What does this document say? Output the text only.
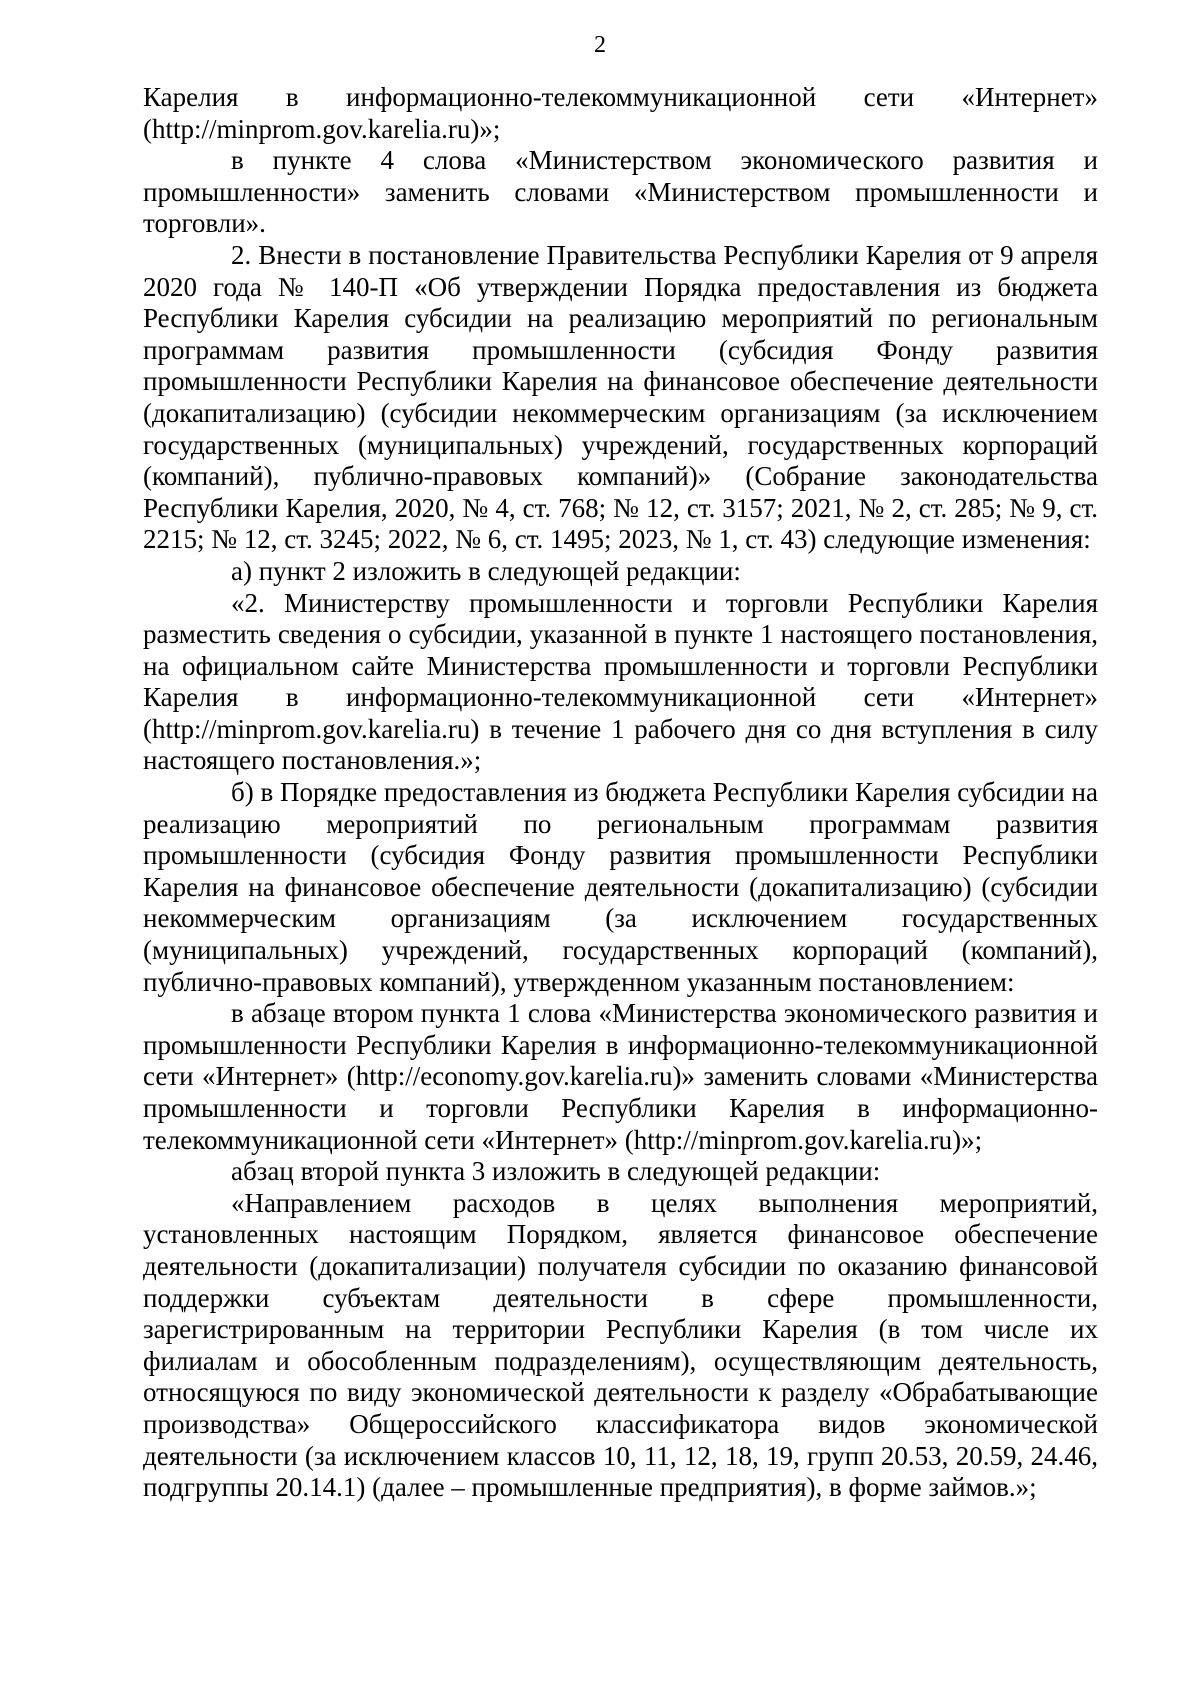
2

Карелия в информационно-телекоммуникационной сети «Интернет» (http://minprom.gov.karelia.ru)»;

в пункте 4 слова «Министерством экономического развития и промышленности» заменить словами «Министерством промышленности и торговли».

2. Внести в постановление Правительства Республики Карелия от 9 апреля 2020 года № 140-П «Об утверждении Порядка предоставления из бюджета Республики Карелия субсидии на реализацию мероприятий по региональным программам развития промышленности (субсидия Фонду развития промышленности Республики Карелия на финансовое обеспечение деятельности (докапитализацию) (субсидии некоммерческим организациям (за исключением государственных (муниципальных) учреждений, государственных корпораций (компаний), публично-правовых компаний)» (Собрание законодательства Республики Карелия, 2020, № 4, ст. 768; № 12, ст. 3157; 2021, № 2, ст. 285; № 9, ст. 2215; № 12, ст. 3245; 2022, № 6, ст. 1495; 2023, № 1, ст. 43) следующие изменения:

а) пункт 2 изложить в следующей редакции:

«2. Министерству промышленности и торговли Республики Карелия разместить сведения о субсидии, указанной в пункте 1 настоящего постановления, на официальном сайте Министерства промышленности и торговли Республики Карелия в информационно-телекоммуникационной сети «Интернет» (http://minprom.gov.karelia.ru) в течение 1 рабочего дня со дня вступления в силу настоящего постановления.»;

б) в Порядке предоставления из бюджета Республики Карелия субсидии на реализацию мероприятий по региональным программам развития промышленности (субсидия Фонду развития промышленности Республики Карелия на финансовое обеспечение деятельности (докапитализацию) (субсидии некоммерческим организациям (за исключением государственных (муниципальных) учреждений, государственных корпораций (компаний), публично-правовых компаний), утвержденном указанным постановлением:

в абзаце втором пункта 1 слова «Министерства экономического развития и промышленности Республики Карелия в информационно-телекоммуникационной сети «Интернет» (http://economy.gov.karelia.ru)» заменить словами «Министерства промышленности и торговли Республики Карелия в информационно-телекоммуникационной сети «Интернет» (http://minprom.gov.karelia.ru)»;

абзац второй пункта 3 изложить в следующей редакции:

«Направлением расходов в целях выполнения мероприятий, установленных настоящим Порядком, является финансовое обеспечение деятельности (докапитализации) получателя субсидии по оказанию финансовой поддержки субъектам деятельности в сфере промышленности, зарегистрированным на территории Республики Карелия (в том числе их филиалам и обособленным подразделениям), осуществляющим деятельность, относящуюся по виду экономической деятельности к разделу «Обрабатывающие производства» Общероссийского классификатора видов экономической деятельности (за исключением классов 10, 11, 12, 18, 19, групп 20.53, 20.59, 24.46, подгруппы 20.14.1) (далее – промышленные предприятия), в форме займов.»;
